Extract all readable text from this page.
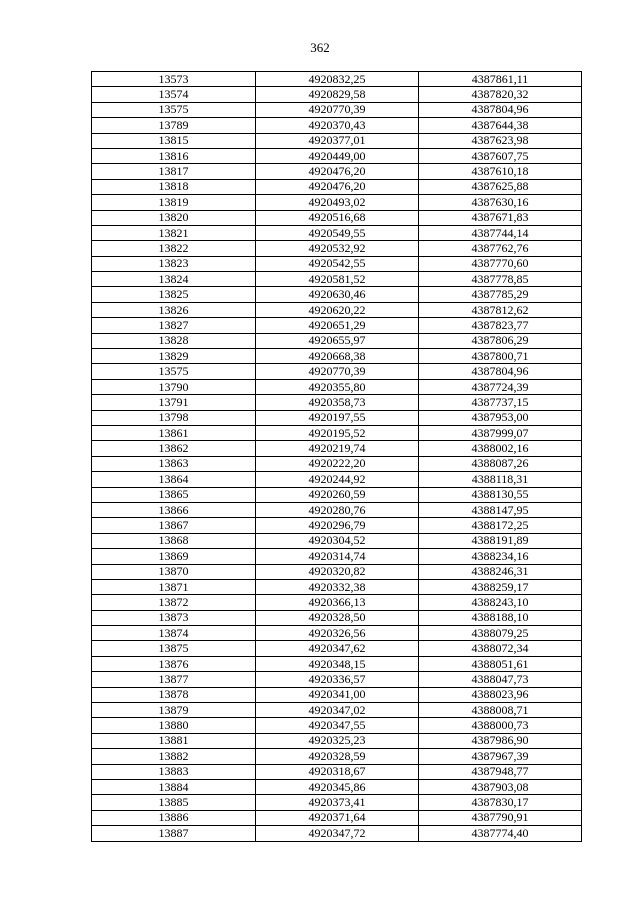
362
13573	4920832,25	4387861,11
13574	4920829,58	4387820,32
13575	4920770,39	4387804,96
13789	4920370,43	4387644,38
13815	4920377,01	4387623,98
13816	4920449,00	4387607,75
13817	4920476,20	4387610,18
13818	4920476,20	4387625,88
13819	4920493,02	4387630,16
13820	4920516,68	4387671,83
13821	4920549,55	4387744,14
13822	4920532,92	4387762,76
13823	4920542,55	4387770,60
13824	4920581,52	4387778,85
13825	4920630,46	4387785,29
13826	4920620,22	4387812,62
13827	4920651,29	4387823,77
13828	4920655,97	4387806,29
13829	4920668,38	4387800,71
13575	4920770,39	4387804,96
13790	4920355,80	4387724,39
13791	4920358,73	4387737,15
13798	4920197,55	4387953,00
13861	4920195,52	4387999,07
13862	4920219,74	4388002,16
13863	4920222,20	4388087,26
13864	4920244,92	4388118,31
13865	4920260,59	4388130,55
13866	4920280,76	4388147,95
13867	4920296,79	4388172,25
13868	4920304,52	4388191,89
13869	4920314,74	4388234,16
13870	4920320,82	4388246,31
13871	4920332,38	4388259,17
13872	4920366,13	4388243,10
13873	4920328,50	4388188,10
13874	4920326,56	4388079,25
13875	4920347,62	4388072,34
13876	4920348,15	4388051,61
13877	4920336,57	4388047,73
13878	4920341,00	4388023,96
13879	4920347,02	4388008,71
13880	4920347,55	4388000,73
13881	4920325,23	4387986,90
13882	4920328,59	4387967,39
13883	4920318,67	4387948,77
13884	4920345,86	4387903,08
13885	4920373,41	4387830,17
13886	4920371,64	4387790,91
13887	4920347,72	4387774,40
